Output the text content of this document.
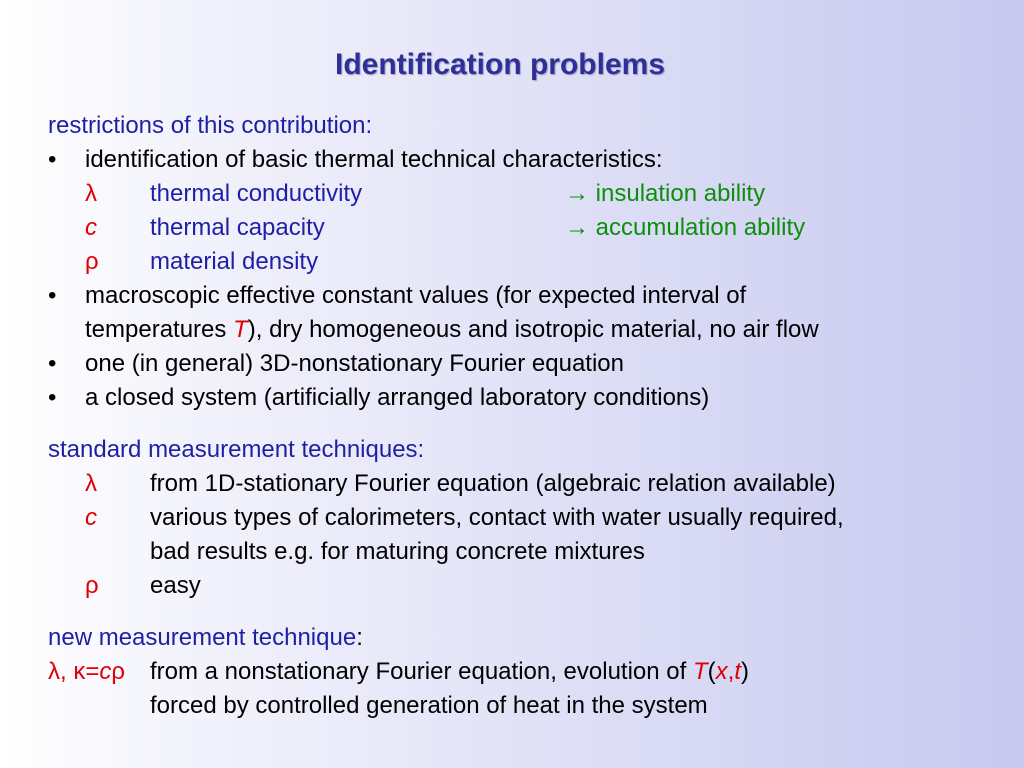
Identification problems
restrictions of this contribution:
• identification of basic thermal technical characteristics:
λ thermal conductivity	→ insulation ability
c thermal capacity	→ accumulation ability
ρ material density
• macroscopic effective constant values (for expected interval of
temperatures T), dry homogeneous and isotropic material, no air flow
• one (in general) 3D-nonstationary Fourier equation
• a closed system (artificially arranged laboratory conditions)
standard measurement techniques:
λ from 1D-stationary Fourier equation (algebraic relation available)
c various types of calorimeters, contact with water usually required,
bad results e.g. for maturing concrete mixtures
ρ easy
new measurement technique:
λ, κ=cρ from a nonstationary Fourier equation, evolution of T(x,t)
forced by controlled generation of heat in the system
